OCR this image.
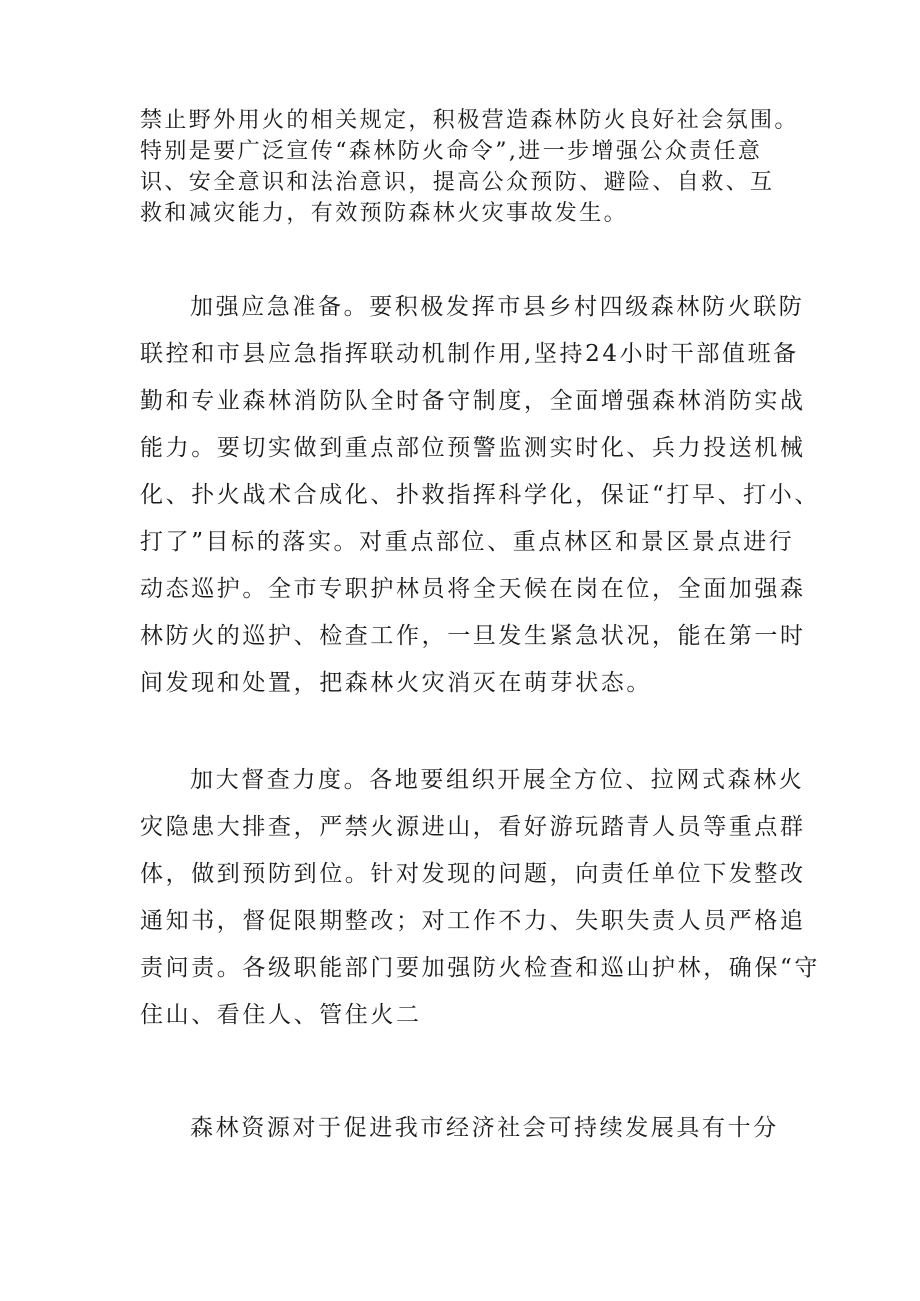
禁止野外用火的相关规定，积极营造森林防火良好社会氛围。
特别是要广泛宣传“森林防火命令”,进一步增强公众责任意
识、安全意识和法治意识，提高公众预防、避险、自救、互
救和减灾能力，有效预防森林火灾事故发生。
加强应急准备。要积极发挥市县乡村四级森林防火联防
联控和市县应急指挥联动机制作用,坚持24小时干部值班备
勤和专业森林消防队全时备守制度，全面增强森林消防实战
能力。要切实做到重点部位预警监测实时化、兵力投送机械
化、扑火战术合成化、扑救指挥科学化，保证“打早、打小、
打了”目标的落实。对重点部位、重点林区和景区景点进行
动态巡护。全市专职护林员将全天候在岗在位，全面加强森
林防火的巡护、检查工作，一旦发生紧急状况，能在第一时
间发现和处置，把森林火灾消灭在萌芽状态。
加大督查力度。各地要组织开展全方位、拉网式森林火
灾隐患大排查，严禁火源进山，看好游玩踏青人员等重点群
体，做到预防到位。针对发现的问题，向责任单位下发整改
通知书，督促限期整改；对工作不力、失职失责人员严格追
责问责。各级职能部门要加强防火检查和巡山护林，确保“守
住山、看住人、管住火二
森林资源对于促进我市经济社会可持续发展具有十分
